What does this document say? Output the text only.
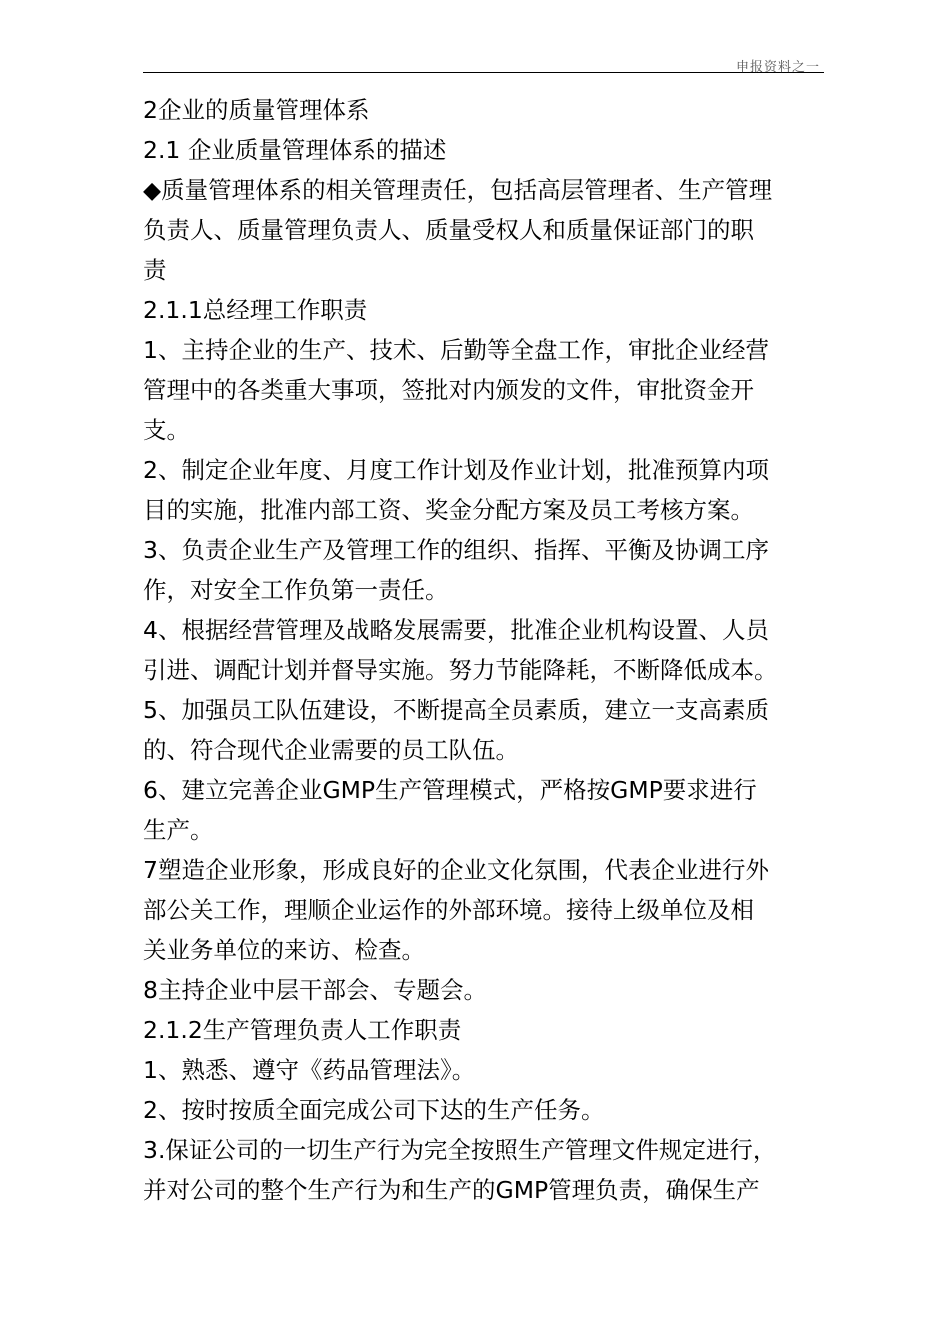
申报资料之一
2企业的质量管理体系
2.1 企业质量管理体系的描述
◆质量管理体系的相关管理责任，包括高层管理者、生产管理
负责人、质量管理负责人、质量受权人和质量保证部门的职
责
2.1.1总经理工作职责
1、主持企业的生产、技术、后勤等全盘工作，审批企业经营
管理中的各类重大事项，签批对内颁发的文件，审批资金开
支。
2、制定企业年度、月度工作计划及作业计划，批准预算内项
目的实施，批准内部工资、奖金分配方案及员工考核方案。
3、负责企业生产及管理工作的组织、指挥、平衡及协调工序
作，对安全工作负第一责任。
4、根据经营管理及战略发展需要，批准企业机构设置、人员
引进、调配计划并督导实施。努力节能降耗，不断降低成本。
5、加强员工队伍建设，不断提高全员素质，建立一支高素质
的、符合现代企业需要的员工队伍。
6、建立完善企业GMP生产管理模式，严格按GMP要求进行
生产。
7塑造企业形象，形成良好的企业文化氛围，代表企业进行外
部公关工作，理顺企业运作的外部环境。接待上级单位及相
关业务单位的来访、检查。
8主持企业中层干部会、专题会。
2.1.2生产管理负责人工作职责
1、熟悉、遵守《药品管理法》。
2、按时按质全面完成公司下达的生产任务。
3.保证公司的一切生产行为完全按照生产管理文件规定进行，
并对公司的整个生产行为和生产的GMP管理负责，确保生产
